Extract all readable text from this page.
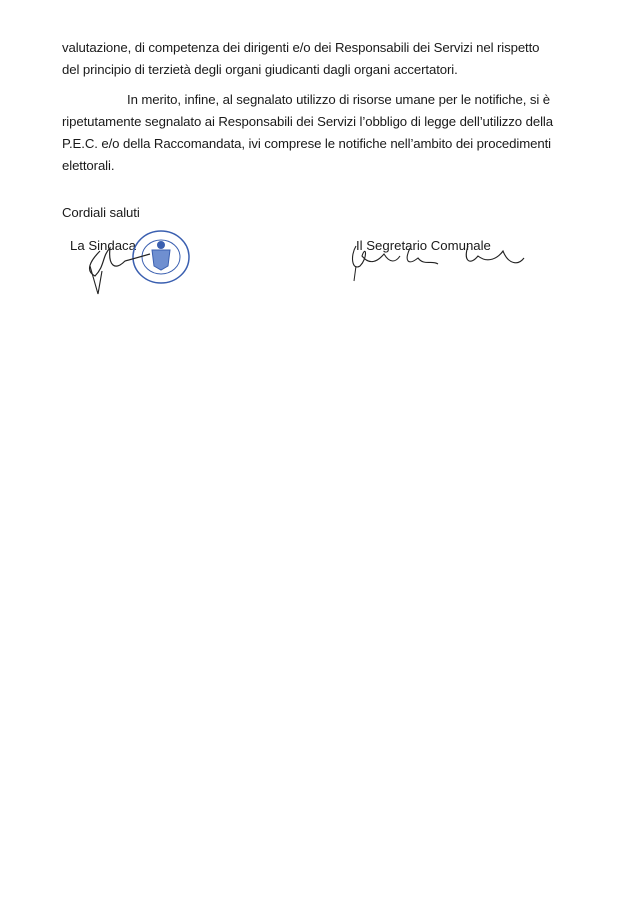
valutazione, di competenza dei dirigenti e/o dei Responsabili dei Servizi nel rispetto
del principio di terzietà degli organi giudicanti dagli organi accertatori.
In merito, infine, al segnalato utilizzo di risorse umane per le notifiche, si è
ripetutamente segnalato ai Responsabili dei Servizi l’obbligo di legge dell’utilizzo della
P.E.C. e/o della Raccomandata, ivi comprese le notifiche nell’ambito dei procedimenti
elettorali.
Cordiali saluti
La Sindaca	Il Segretario Comunale
